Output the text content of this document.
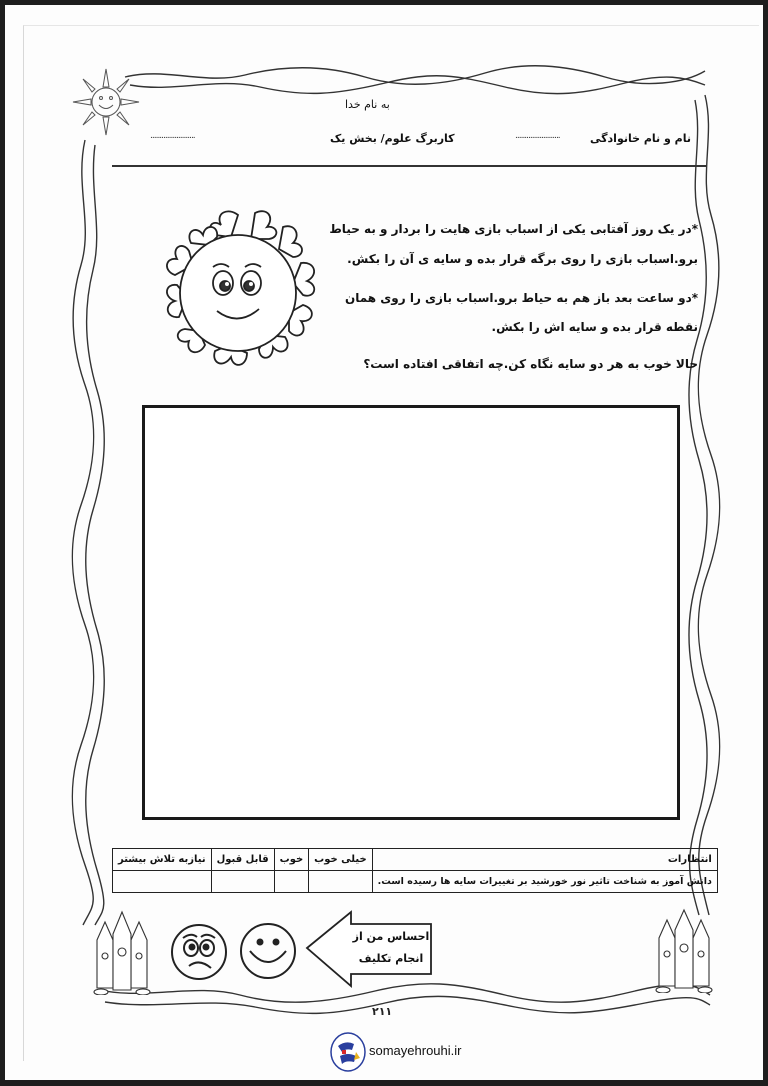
به نام خدا
نام و نام خانوادگی
........................
کاربرگ علوم/ بخش یک
........................
*در یک روز آفتابی یکی از اسباب بازی هایت را بردار و به حیاط
برو.اسباب بازی را روی برگه قرار بده و سایه ی آن را بکش.
*دو ساعت بعد باز هم به حیاط برو.اسباب بازی را روی همان
نقطه قرار بده و سایه اش را بکش.
حالا خوب به هر دو سایه نگاه کن.چه اتفاقی افتاده است؟
انتظارات	خیلی خوب	خوب	قابل قبول	نیازبه تلاش بیشتر
دانش آموز به شناخت تاثیر نور خورشید بر تغییرات سایه ها رسیده است.				
احساس من از
انجام تکلیف
۲۱۱
somayehrouhi.ir
